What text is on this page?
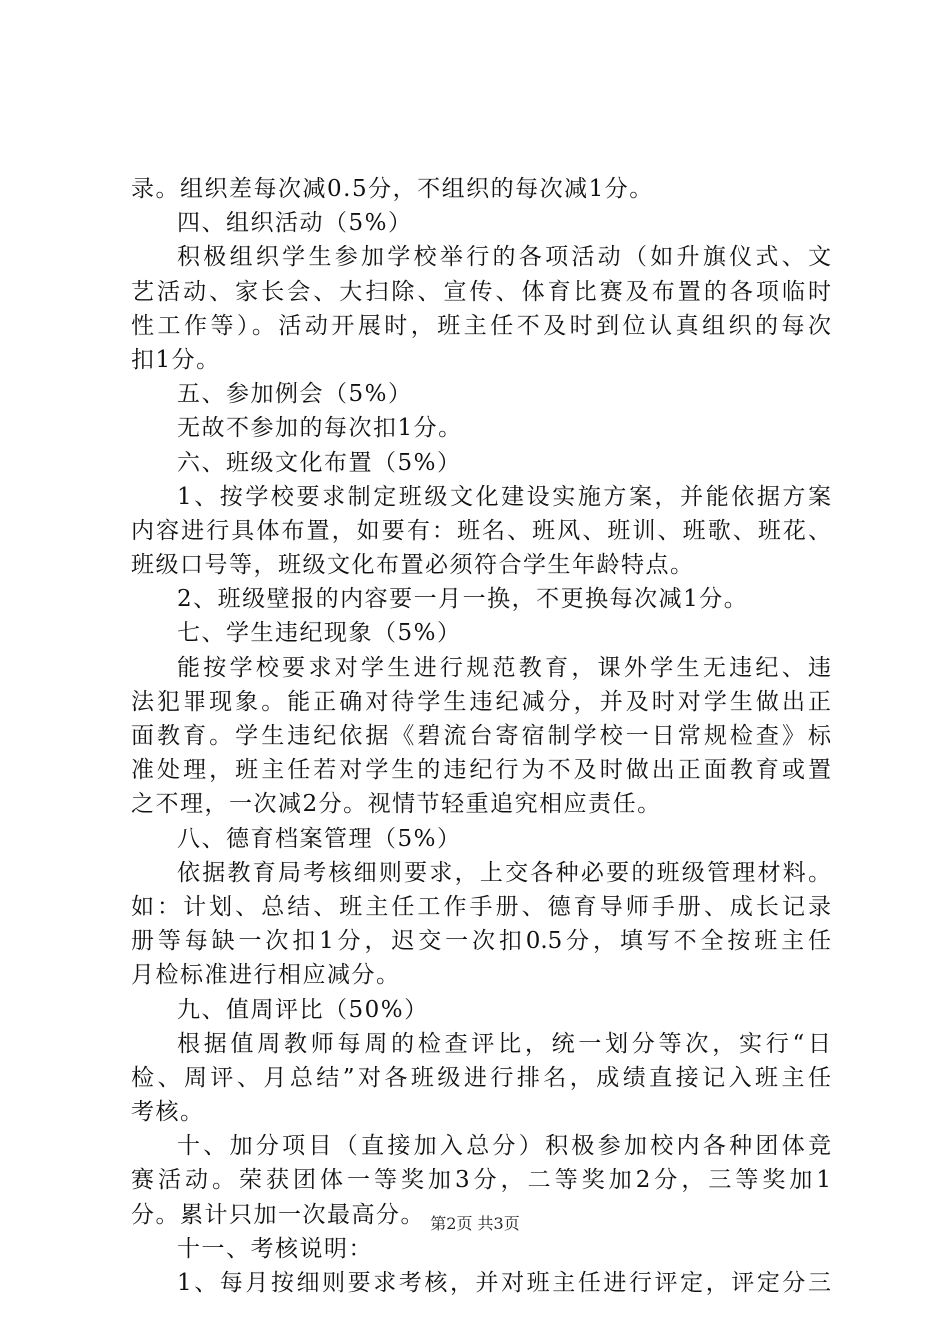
录。组织差每次减0.5分，不组织的每次减1分。
四、组织活动（5%）
积极组织学生参加学校举行的各项活动（如升旗仪式、文
艺活动、家长会、大扫除、宣传、体育比赛及布置的各项临时
性工作等）。活动开展时，班主任不及时到位认真组织的每次
扣1分。
五、参加例会（5%）
无故不参加的每次扣1分。
六、班级文化布置（5%）
1、按学校要求制定班级文化建设实施方案，并能依据方案
内容进行具体布置，如要有：班名、班风、班训、班歌、班花、
班级口号等，班级文化布置必须符合学生年龄特点。
2、班级壁报的内容要一月一换，不更换每次减1分。
七、学生违纪现象（5%）
能按学校要求对学生进行规范教育，课外学生无违纪、违
法犯罪现象。能正确对待学生违纪减分，并及时对学生做出正
面教育。学生违纪依据《碧流台寄宿制学校一日常规检查》标
准处理，班主任若对学生的违纪行为不及时做出正面教育或置
之不理，一次减2分。视情节轻重追究相应责任。
八、德育档案管理（5%）
依据教育局考核细则要求，上交各种必要的班级管理材料。
如：计划、总结、班主任工作手册、德育导师手册、成长记录
册等每缺一次扣1分，迟交一次扣0.5分，填写不全按班主任
月检标准进行相应减分。
九、值周评比（50%）
根据值周教师每周的检查评比，统一划分等次，实行“日
检、周评、月总结”对各班级进行排名，成绩直接记入班主任
考核。
十、加分项目（直接加入总分）积极参加校内各种团体竞
赛活动。荣获团体一等奖加3分，二等奖加2分，三等奖加1
分。累计只加一次最高分。
十一、考核说明：
1、每月按细则要求考核，并对班主任进行评定，评定分三
第2页 共3页
